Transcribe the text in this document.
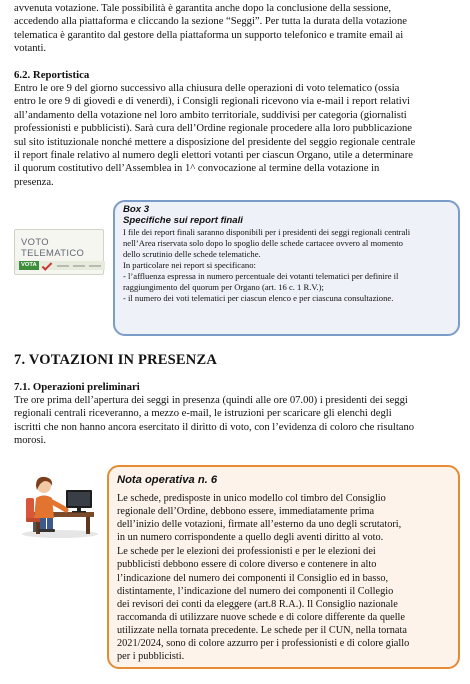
avvenuta votazione. Tale possibilità è garantita anche dopo la conclusione della sessione,
accedendo alla piattaforma e cliccando la sezione “Seggi”. Per tutta la durata della votazione
telematica è garantito dal gestore della piattaforma un supporto telefonico e tramite email ai
votanti.
6.2. Reportistica
Entro le ore 9 del giorno successivo alla chiusura delle operazioni di voto telematico (ossia
entro le ore 9 di giovedì e di venerdì), i Consigli regionali ricevono via e-mail i report relativi
all’andamento della votazione nel loro ambito territoriale, suddivisi per categoria (giornalisti
professionisti e pubblicisti). Sarà cura dell’Ordine regionale procedere alla loro pubblicazione
sul sito istituzionale nonché mettere a disposizione del presidente del seggio regionale centrale
il report finale relativo al numero degli elettori votanti per ciascun Organo, utile a determinare
il quorum costitutivo dell’Assemblea in 1^ convocazione al termine della votazione in
presenza.
VOTO
TELEMATICO
VOTA
Box 3
Specifiche sui report finali

I file dei report finali saranno disponibili per i presidenti dei seggi regionali centrali

nell’Area riservata solo dopo lo spoglio delle schede cartacee ovvero al momento

dello scrutinio delle schede telematiche.

In particolare nei report si specificano:

- l’affluenza espressa in numero percentuale dei votanti telematici per definire il

raggiungimento del quorum per Organo (art. 16 c. 1 R.V.);

- il numero dei voti telematici per ciascun elenco e per ciascuna consultazione.

7. VOTAZIONI IN PRESENZA
7.1. Operazioni preliminari
Tre ore prima dell’apertura dei seggi in presenza (quindi alle ore 07.00) i presidenti dei seggi
regionali centrali riceveranno, a mezzo e-mail, le istruzioni per scaricare gli elenchi degli
iscritti che non hanno ancora esercitato il diritto di voto, con l’evidenza di coloro che risultano
morosi.
Nota operativa n. 6

Le schede, predisposte in unico modello col timbro del Consiglio

regionale dell’Ordine, debbono essere, immediatamente prima

dell’inizio delle votazioni, firmate all’esterno da uno degli scrutatori,

in un numero corrispondente a quello degli aventi diritto al voto.

Le schede per le elezioni dei professionisti e per le elezioni dei

pubblicisti debbono essere di colore diverso e contenere in alto

l’indicazione del numero dei componenti il Consiglio ed in basso,

distintamente, l’indicazione del numero dei componenti il Collegio

dei revisori dei conti da eleggere (art.8 R.A.). Il Consiglio nazionale

raccomanda di utilizzare nuove schede e di colore differente da quelle

utilizzate nella tornata precedente. Le schede per il CUN, nella tornata

2021/2024, sono di colore azzurro per i professionisti e di colore giallo

per i pubblicisti.
